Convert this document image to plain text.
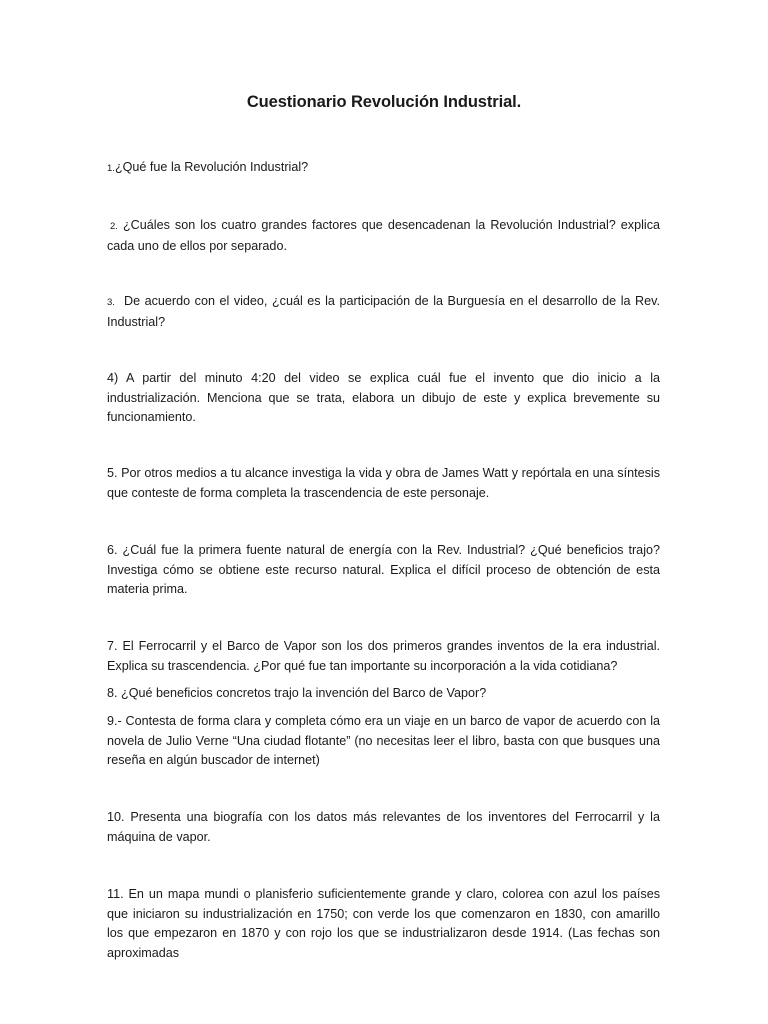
Cuestionario Revolución Industrial.

1.¿Qué fue la Revolución Industrial?

2. ¿Cuáles son los cuatro grandes factores que desencadenan la Revolución Industrial? explica cada uno de ellos por separado.

3. De acuerdo con el video, ¿cuál es la participación de la Burguesía en el desarrollo de la Rev. Industrial?

4) A partir del minuto 4:20 del video se explica cuál fue el invento que dio inicio a la industrialización. Menciona que se trata, elabora un dibujo de este y explica brevemente su funcionamiento.

5. Por otros medios a tu alcance investiga la vida y obra de James Watt y repórtala en una síntesis que conteste de forma completa la trascendencia de este personaje.

6. ¿Cuál fue la primera fuente natural de energía con la Rev. Industrial? ¿Qué beneficios trajo? Investiga cómo se obtiene este recurso natural. Explica el difícil proceso de obtención de esta materia prima.

7. El Ferrocarril y el Barco de Vapor son los dos primeros grandes inventos de la era industrial. Explica su trascendencia. ¿Por qué fue tan importante su incorporación a la vida cotidiana?

8. ¿Qué beneficios concretos trajo la invención del Barco de Vapor?

9.- Contesta de forma clara y completa cómo era un viaje en un barco de vapor de acuerdo con la novela de Julio Verne “Una ciudad flotante” (no necesitas leer el libro, basta con que busques una reseña en algún buscador de internet)

10. Presenta una biografía con los datos más relevantes de los inventores del Ferrocarril y la máquina de vapor.

11. En un mapa mundi o planisferio suficientemente grande y claro, colorea con azul los países que iniciaron su industrialización en 1750; con verde los que comenzaron en 1830, con amarillo los que empezaron en 1870 y con rojo los que se industrializaron desde 1914. (Las fechas son aproximadas
